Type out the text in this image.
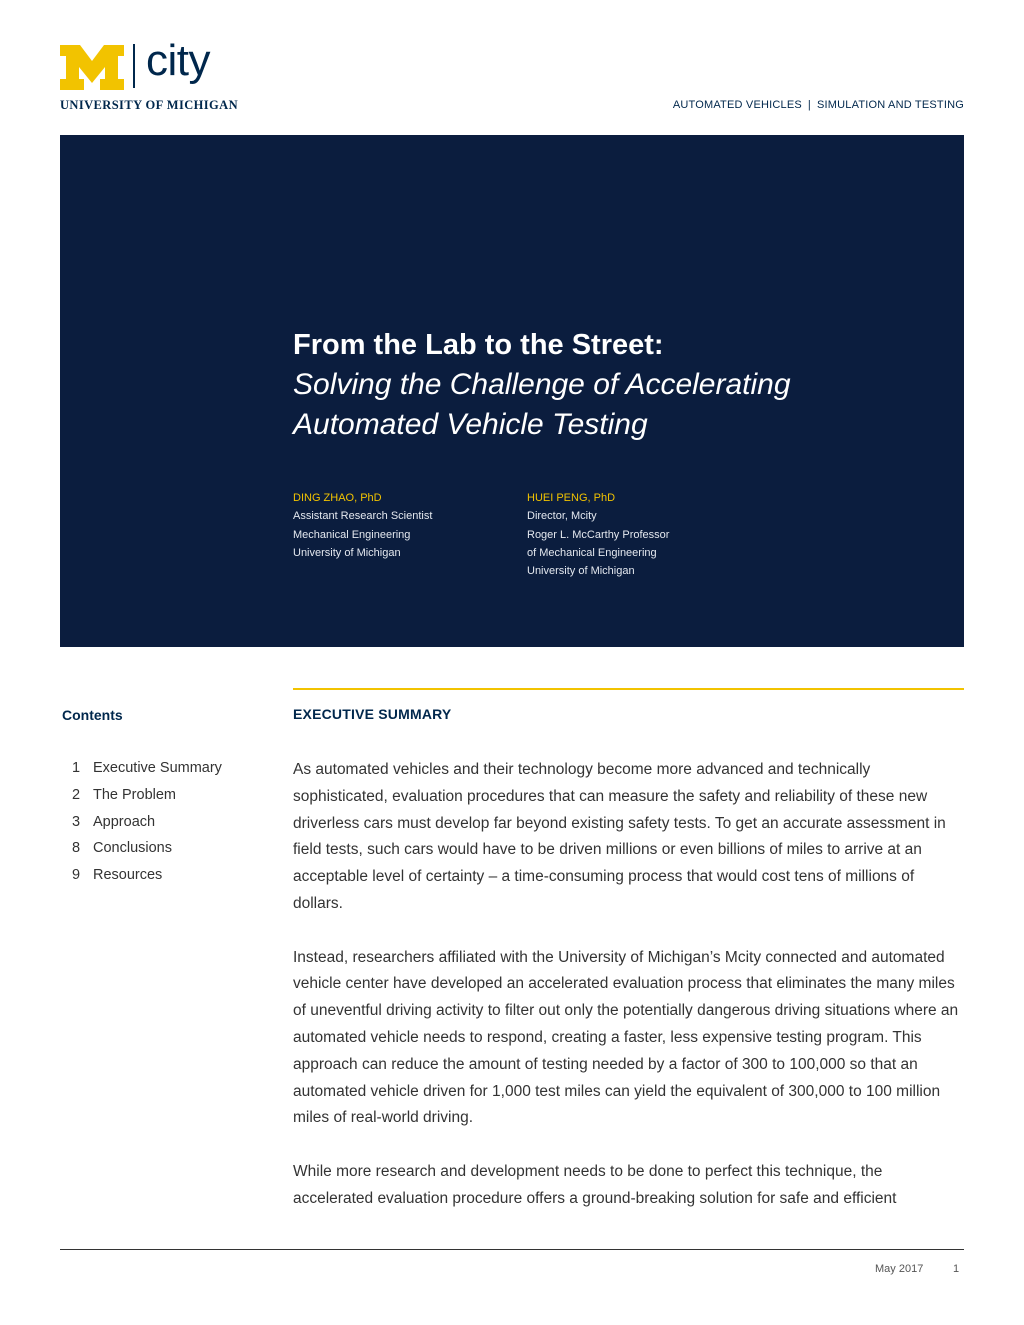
city
UNIVERSITY OF MICHIGAN	AUTOMATED VEHICLES | SIMULATION AND TESTING
From the Lab to the Street:
Solving the Challenge of Accelerating
Automated Vehicle Testing
DING ZHAO, PhD
Assistant Research Scientist
Mechanical Engineering
University of Michigan
HUEI PENG, PhD
Director, Mcity
Roger L. McCarthy Professor
of Mechanical Engineering
University of Michigan
Contents
1 Executive Summary
2 The Problem
3 Approach
8 Conclusions
9 Resources
EXECUTIVE SUMMARY

As automated vehicles and their technology become more advanced and technically sophisticated, evaluation procedures that can measure the safety and reliability of these new driverless cars must develop far beyond existing safety tests. To get an accurate assessment in field tests, such cars would have to be driven millions or even billions of miles to arrive at an acceptable level of certainty – a time-consuming process that would cost tens of millions of dollars.

Instead, researchers affiliated with the University of Michigan’s Mcity connected and automated vehicle center have developed an accelerated evaluation process that eliminates the many miles of uneventful driving activity to filter out only the potentially dangerous driving situations where an automated vehicle needs to respond, creating a faster, less expensive testing program. This approach can reduce the amount of testing needed by a factor of 300 to 100,000 so that an automated vehicle driven for 1,000 test miles can yield the equivalent of 300,000 to 100 million miles of real-world driving.

While more research and development needs to be done to perfect this technique, the accelerated evaluation procedure offers a ground-breaking solution for safe and efficient

May 2017	1
